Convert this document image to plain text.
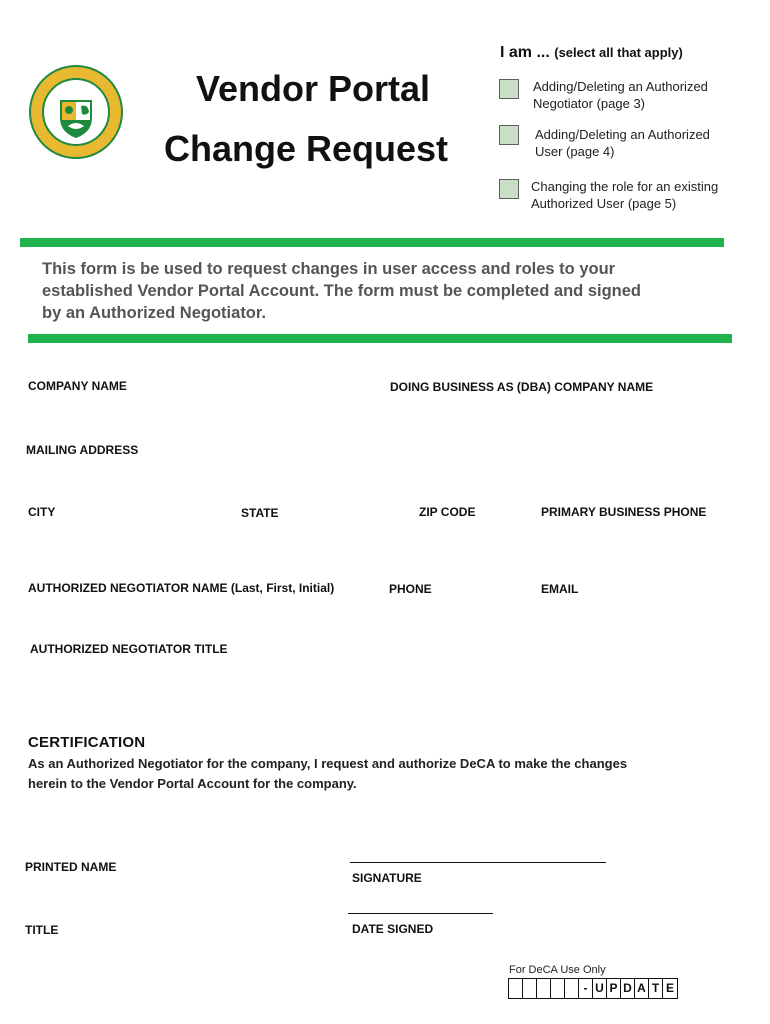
Vendor Portal
Change Request
I am ... (select all that apply)
Adding/Deleting an Authorized
Negotiator (page 3)
Adding/Deleting an Authorized
User (page 4)
Changing the role for an existing
Authorized User (page 5)
This form is be used to request changes in user access and roles to your
established Vendor Portal Account. The form must be completed and signed
by an Authorized Negotiator.
COMPANY NAME	DOING BUSINESS AS (DBA) COMPANY NAME
MAILING ADDRESS
CITY	STATE	ZIP CODE	PRIMARY BUSINESS PHONE
AUTHORIZED NEGOTIATOR NAME (Last, First, Initial)	PHONE	EMAIL
AUTHORIZED NEGOTIATOR TITLE
CERTIFICATION
As an Authorized Negotiator for the company, I request and authorize DeCA to make the changes
herein to the Vendor Portal Account for the company.
PRINTED NAME
SIGNATURE
TITLE	DATE SIGNED
For DeCA Use Only
- U P D A T E
